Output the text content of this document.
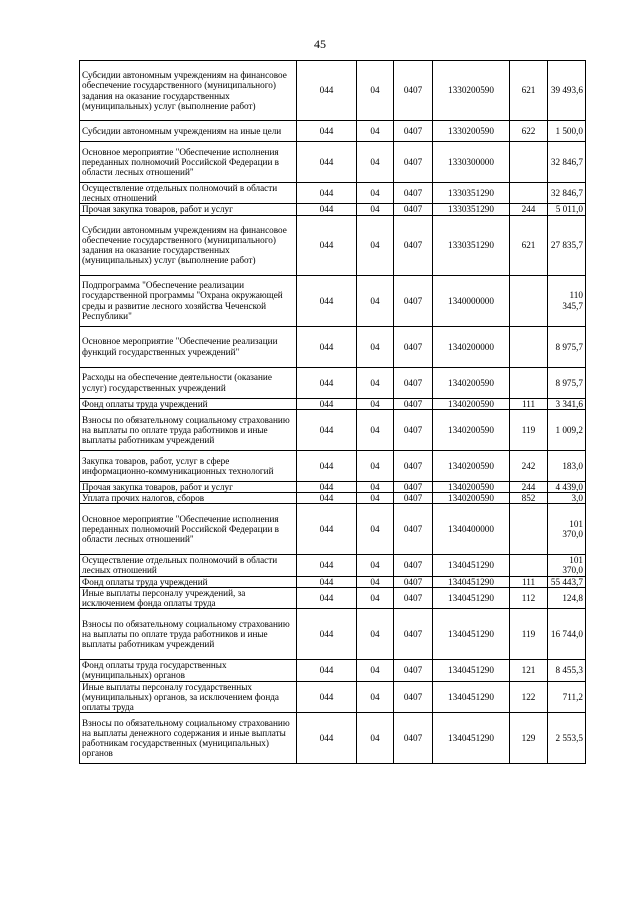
45
Субсидии автономным учреждениям на финансовое обеспечение государственного (муниципального) задания на оказание государственных (муниципальных) услуг (выполнение работ)	044	04	0407	1330200590	621	39 493,6
Субсидии автономным учреждениям на иные цели	044	04	0407	1330200590	622	1 500,0
Основное мероприятие "Обеспечение исполнения переданных полномочий Российской Федерации в области лесных отношений"	044	04	0407	1330300000		32 846,7
Осуществление отдельных полномочий в области лесных отношений	044	04	0407	1330351290		32 846,7
Прочая закупка товаров, работ и услуг	044	04	0407	1330351290	244	5 011,0
Субсидии автономным учреждениям на финансовое обеспечение государственного (муниципального) задания на оказание государственных (муниципальных) услуг (выполнение работ)	044	04	0407	1330351290	621	27 835,7
Подпрограмма "Обеспечение реализации государственной программы "Охрана окружающей среды и развитие лесного хозяйства Чеченской Республики"	044	04	0407	1340000000		110 345,7
Основное мероприятие "Обеспечение реализации функций государственных учреждений"	044	04	0407	1340200000		8 975,7
Расходы на обеспечение деятельности (оказание услуг) государственных учреждений	044	04	0407	1340200590		8 975,7
Фонд оплаты труда учреждений	044	04	0407	1340200590	111	3 341,6
Взносы по обязательному социальному страхованию на выплаты по оплате труда работников и иные выплаты работникам учреждений	044	04	0407	1340200590	119	1 009,2
Закупка товаров, работ, услуг в сфере информационно-коммуникационных технологий	044	04	0407	1340200590	242	183,0
Прочая закупка товаров, работ и услуг	044	04	0407	1340200590	244	4 439,0
Уплата прочих налогов, сборов	044	04	0407	1340200590	852	3,0
Основное мероприятие "Обеспечение исполнения переданных полномочий Российской Федерации в области лесных отношений"	044	04	0407	1340400000		101 370,0
Осуществление отдельных полномочий в области лесных отношений	044	04	0407	1340451290		101 370,0
Фонд оплаты труда учреждений	044	04	0407	1340451290	111	55 443,7
Иные выплаты персоналу учреждений, за исключением фонда оплаты труда	044	04	0407	1340451290	112	124,8
Взносы по обязательному социальному страхованию на выплаты по оплате труда работников и иные выплаты работникам учреждений	044	04	0407	1340451290	119	16 744,0
Фонд оплаты труда государственных (муниципальных) органов	044	04	0407	1340451290	121	8 455,3
Иные выплаты персоналу государственных (муниципальных) органов, за исключением фонда оплаты труда	044	04	0407	1340451290	122	711,2
Взносы по обязательному социальному страхованию на выплаты денежного содержания и иные выплаты работникам государственных (муниципальных) органов	044	04	0407	1340451290	129	2 553,5
